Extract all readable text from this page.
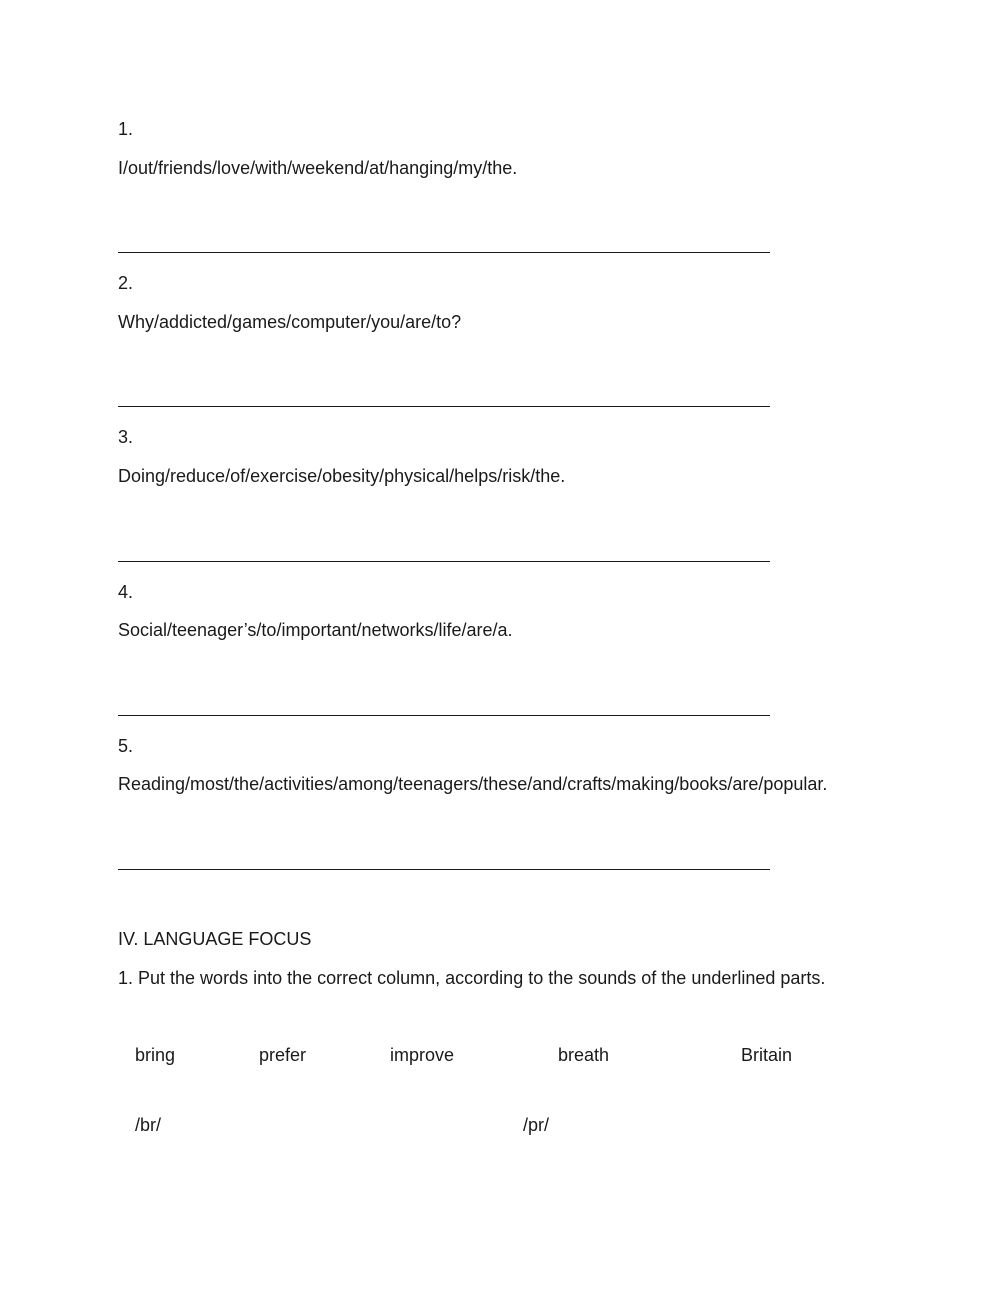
1.
I/out/friends/love/with/weekend/at/hanging/my/the.
2.
Why/addicted/games/computer/you/are/to?
3.
Doing/reduce/of/exercise/obesity/physical/helps/risk/the.
4.
Social/teenager’s/to/important/networks/life/are/a.
5.
Reading/most/the/activities/among/teenagers/these/and/crafts/making/books/are/popular.
IV. LANGUAGE FOCUS
1. Put the words into the correct column, according to the sounds of the underlined parts.
bring	prefer	improve	breath	Britain
/br/	/pr/
